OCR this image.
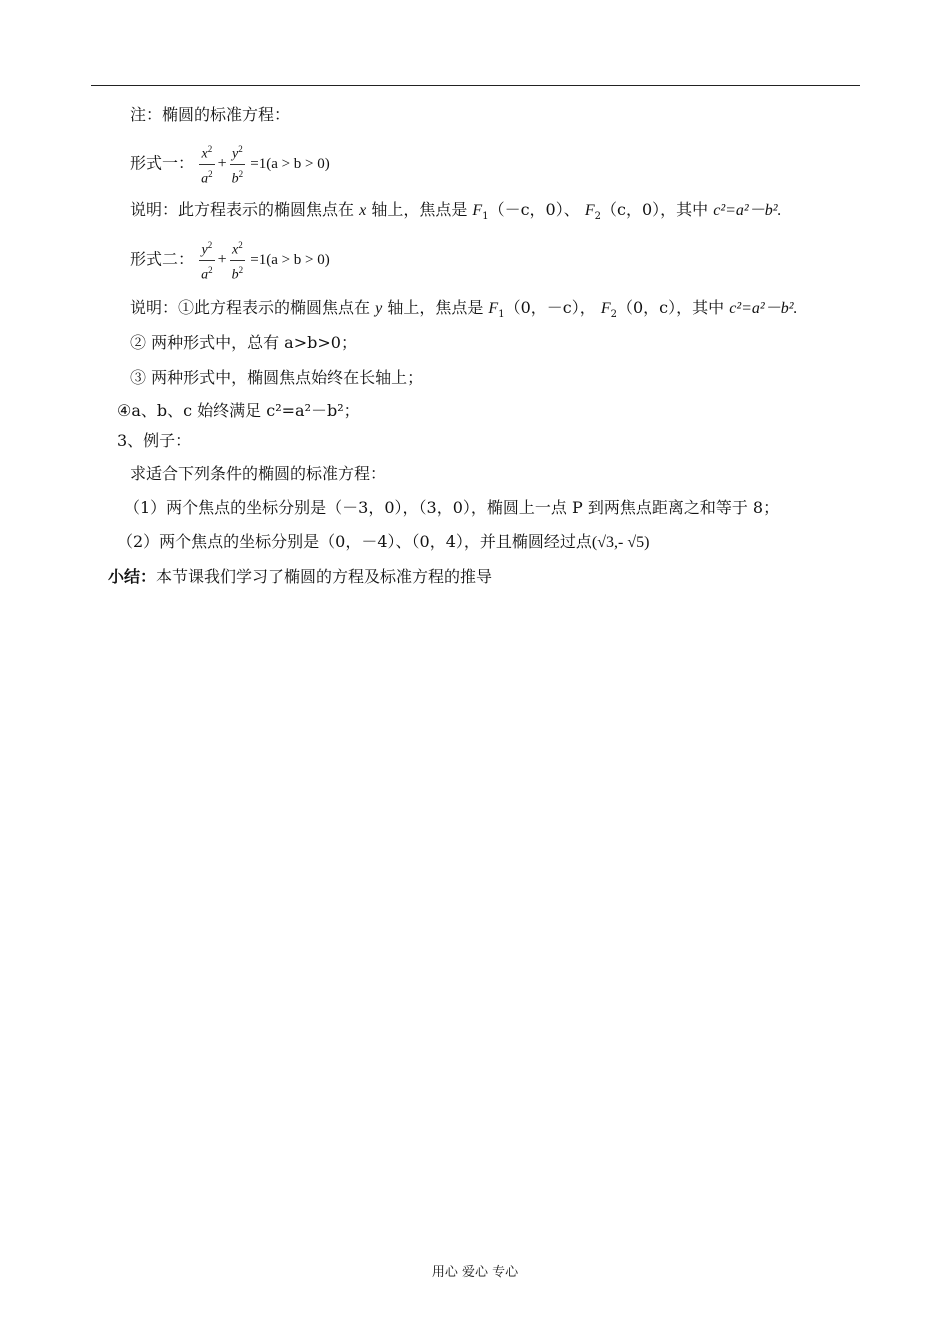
注：椭圆的标准方程：
形式一： $\frac{x^2}{a^2} + \frac{y^2}{b^2} =1(a > b > 0)$
说明：此方程表示的椭圆焦点在 x 轴上，焦点是 $F_1(-c$，0）、 $F_2(c$，0），其中 c²=a²－b².
形式二： $\frac{y^2}{a^2} + \frac{x^2}{b^2} =1(a > b > 0)$
说明：①此方程表示的椭圆焦点在 y 轴上，焦点是 $F_1(0$，－c）， $F_2(0$，c），其中 c²=a²－b².
② 两种形式中，总有 a>b>0；
③ 两种形式中，椭圆焦点始终在长轴上；
④a、b、c 始终满足 c²=a²－b²；
3、例子：
求适合下列条件的椭圆的标准方程：
（1）两个焦点的坐标分别是（－3，0），（3，0），椭圆上一点 P 到两焦点距离之和等于 8；
（2）两个焦点的坐标分别是（0，－4）、（0，4），并且椭圆经过点(√3,- √5)
小结：本节课我们学习了椭圆的方程及标准方程的推导
用心 爱心 专心
